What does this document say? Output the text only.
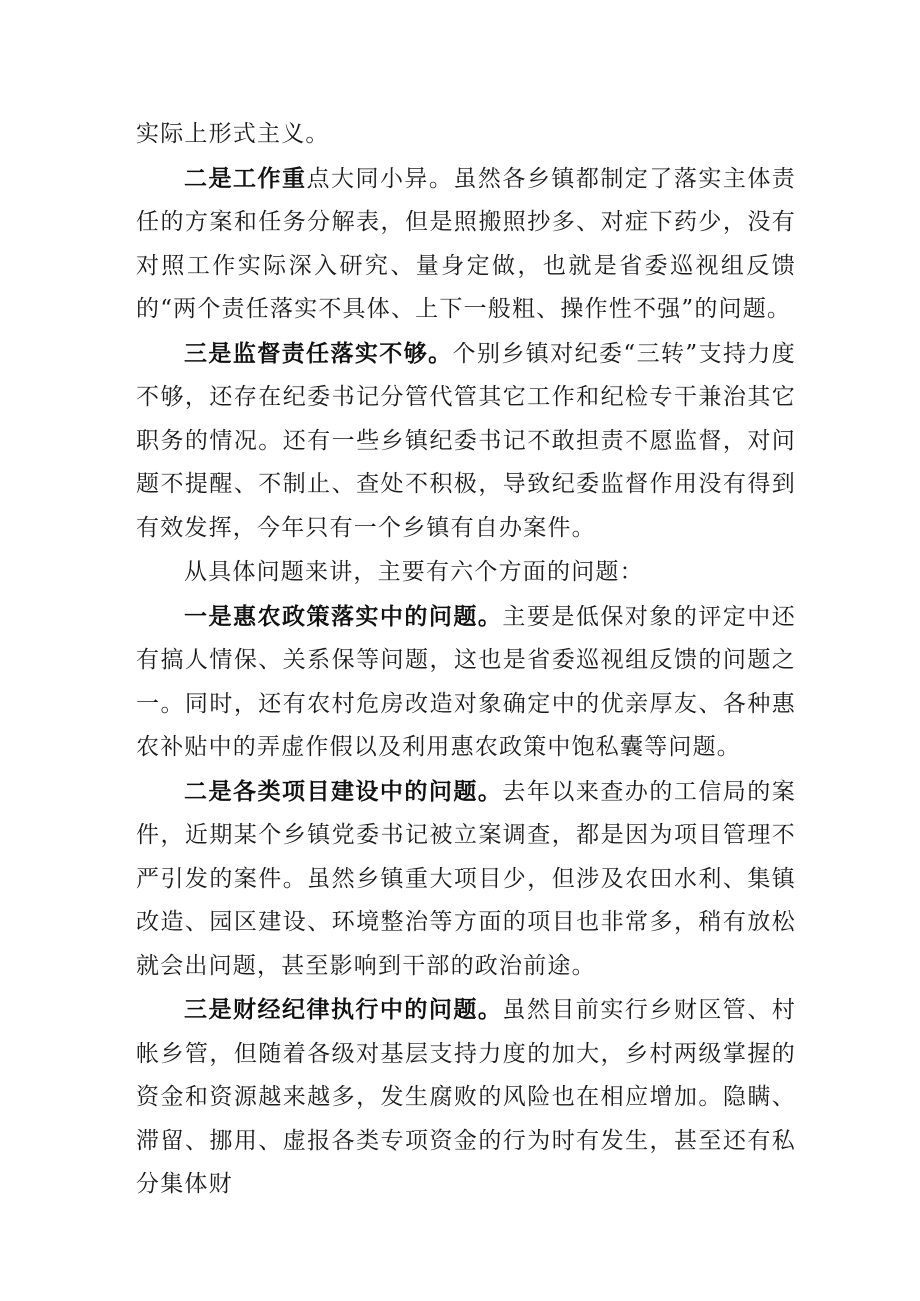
实际上形式主义。

二是工作重点大同小异。虽然各乡镇都制定了落实主体责任的方案和任务分解表，但是照搬照抄多、对症下药少，没有对照工作实际深入研究、量身定做，也就是省委巡视组反馈的“两个责任落实不具体、上下一般粗、操作性不强”的问题。

三是监督责任落实不够。个别乡镇对纪委“三转”支持力度不够，还存在纪委书记分管代管其它工作和纪检专干兼治其它职务的情况。还有一些乡镇纪委书记不敢担责不愿监督，对问题不提醒、不制止、查处不积极，导致纪委监督作用没有得到有效发挥，今年只有一个乡镇有自办案件。

从具体问题来讲，主要有六个方面的问题：

一是惠农政策落实中的问题。主要是低保对象的评定中还有搞人情保、关系保等问题，这也是省委巡视组反馈的问题之一。同时，还有农村危房改造对象确定中的优亲厚友、各种惠农补贴中的弄虚作假以及利用惠农政策中饱私囊等问题。

二是各类项目建设中的问题。去年以来查办的工信局的案件，近期某个乡镇党委书记被立案调查，都是因为项目管理不严引发的案件。虽然乡镇重大项目少，但涉及农田水利、集镇改造、园区建设、环境整治等方面的项目也非常多，稍有放松就会出问题，甚至影响到干部的政治前途。

三是财经纪律执行中的问题。虽然目前实行乡财区管、村帐乡管，但随着各级对基层支持力度的加大，乡村两级掌握的资金和资源越来越多，发生腐败的风险也在相应增加。隐瞒、滞留、挪用、虚报各类专项资金的行为时有发生，甚至还有私分集体财
